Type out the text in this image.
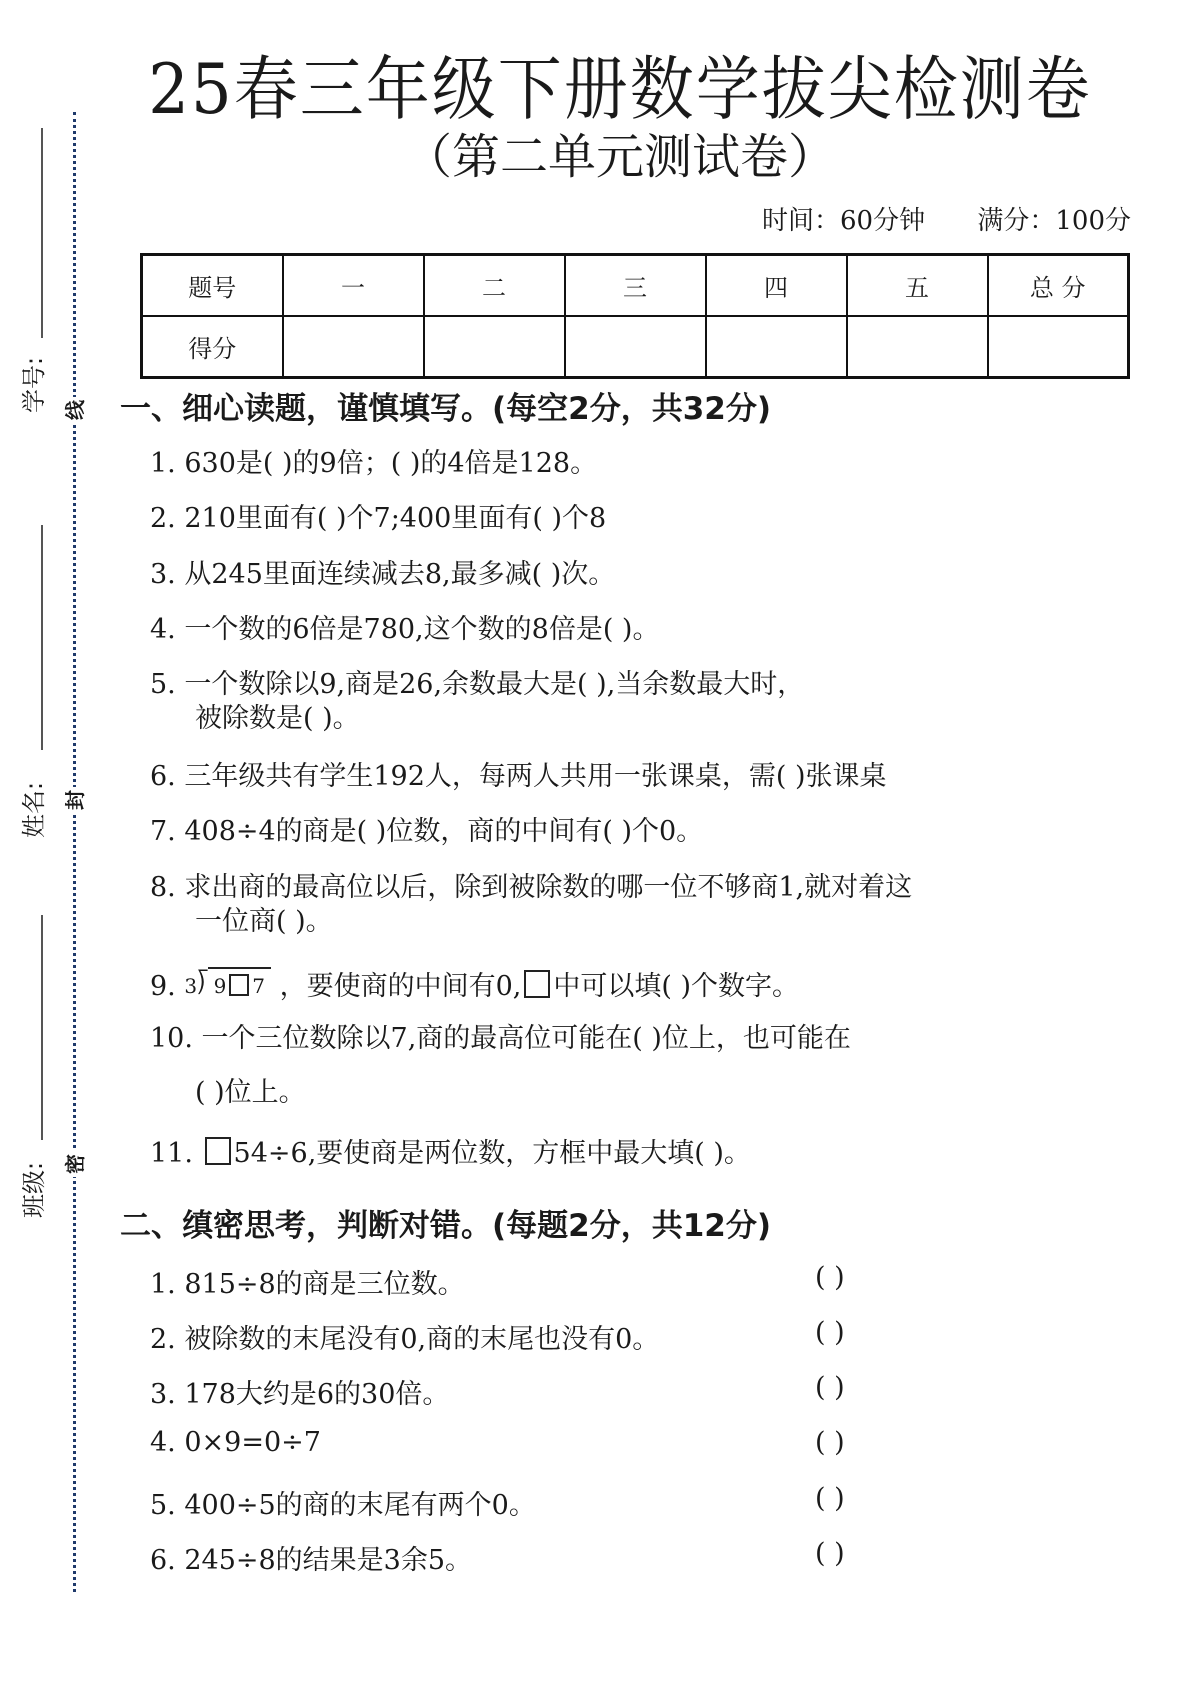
学号:
姓名:
班级:
线
封
密
25春三年级下册数学拔尖检测卷
（第二单元测试卷）
时间：60分钟 满分：100分
题号	一	二	三	四	五	总 分
得分						
一、细心读题，谨慎填写。(每空2分，共32分)
1. 630是( )的9倍；( )的4倍是128。
2. 210里面有( )个7;400里面有( )个8
3. 从245里面连续减去8,最多减( )次。
4. 一个数的6倍是780,这个数的8倍是( )。
5. 一个数除以9,商是26,余数最大是( ),当余数最大时，
被除数是( )。
6. 三年级共有学生192人，每两人共用一张课桌，需( )张课桌
7. 408÷4的商是( )位数，商的中间有( )个0。
8. 求出商的最高位以后，除到被除数的哪一位不够商1,就对着这
一位商( )。
9. 3⟌ 9 7 ，要使商的中间有0, 中可以填( )个数字。
10. 一个三位数除以7,商的最高位可能在( )位上，也可能在
( )位上。
11. 54÷6,要使商是两位数，方框中最大填( )。
二、缜密思考，判断对错。(每题2分，共12分)
1. 815÷8的商是三位数。	( )
2. 被除数的末尾没有0,商的末尾也没有0。	( )
3. 178大约是6的30倍。	( )
4. 0×9=0÷7	( )
5. 400÷5的商的末尾有两个0。	( )
6. 245÷8的结果是3余5。	( )
